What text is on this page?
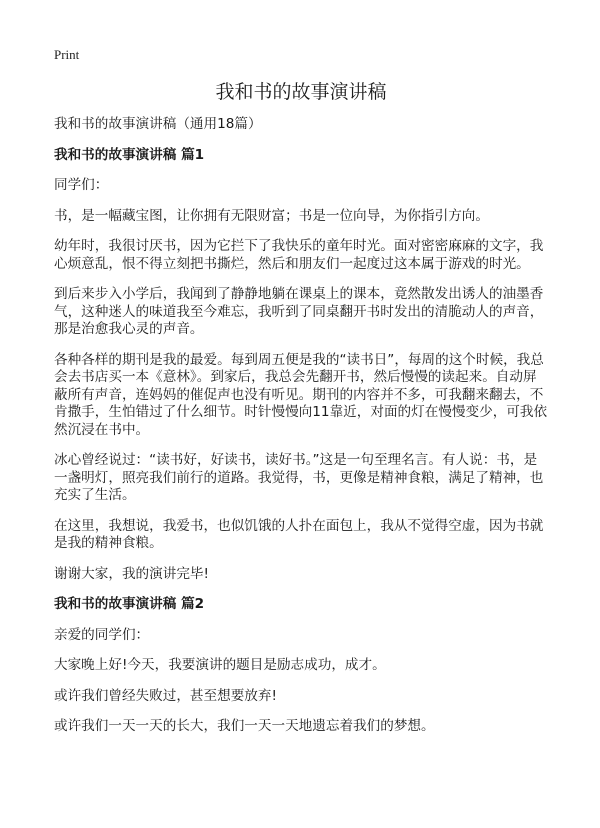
Print
我和书的故事演讲稿

我和书的故事演讲稿（通用18篇）

我和书的故事演讲稿 篇1

同学们：

书，是一幅藏宝图，让你拥有无限财富；书是一位向导，为你指引方向。

幼年时，我很讨厌书，因为它拦下了我快乐的童年时光。面对密密麻麻的文字，我心烦意乱，恨不得立刻把书撕烂，然后和朋友们一起度过这本属于游戏的时光。

到后来步入小学后，我闻到了静静地躺在课桌上的课本，竟然散发出诱人的油墨香气，这种迷人的味道我至今难忘，我听到了同桌翻开书时发出的清脆动人的声音，那是治愈我心灵的声音。

各种各样的期刊是我的最爱。每到周五便是我的“读书日”，每周的这个时候，我总会去书店买一本《意林》。到家后，我总会先翻开书，然后慢慢的读起来。自动屏蔽所有声音，连妈妈的催促声也没有听见。期刊的内容并不多，可我翻来翻去，不肯撒手，生怕错过了什么细节。时针慢慢向11靠近，对面的灯在慢慢变少，可我依然沉浸在书中。

冰心曾经说过：“读书好，好读书，读好书。”这是一句至理名言。有人说：书，是一盏明灯，照亮我们前行的道路。我觉得，书，更像是精神食粮，满足了精神，也充实了生活。

在这里，我想说，我爱书，也似饥饿的人扑在面包上，我从不觉得空虚，因为书就是我的精神食粮。

谢谢大家，我的演讲完毕!

我和书的故事演讲稿 篇2

亲爱的同学们：

大家晚上好!今天，我要演讲的题目是励志成功，成才。

或许我们曾经失败过，甚至想要放弃!

或许我们一天一天的长大，我们一天一天地遗忘着我们的梦想。
